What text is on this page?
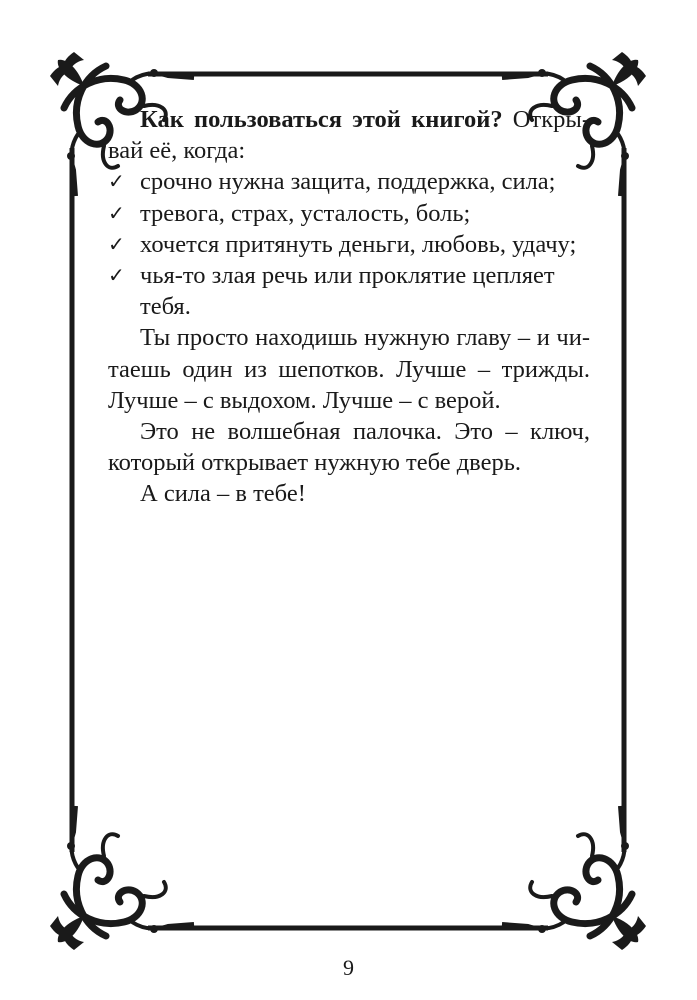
Как пользоваться этой книгой? Откры-вай её, когда:

✓ срочно нужна защита, поддержка, сила;
✓ тревога, страх, усталость, боль;
✓ хочется притянуть деньги, любовь, удачу;
✓ чья-то злая речь или проклятие цепляет тебя.

Ты просто находишь нужную главу – и чи-таешь один из шепотков. Лучше – трижды. Лучше – с выдохом. Лучше – с верой.

Это не волшебная палочка. Это – ключ, который открывает нужную тебе дверь.

А сила – в тебе!

9
